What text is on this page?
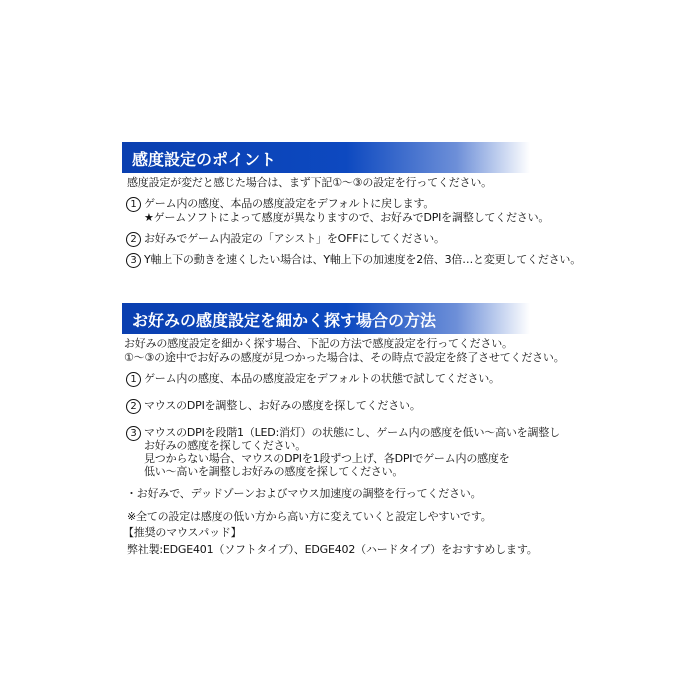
感度設定のポイント
感度設定が変だと感じた場合は、まず下記①～③の設定を行ってください。
1 ゲーム内の感度、本品の感度設定をデフォルトに戻します。
★ゲームソフトによって感度が異なりますので、お好みでDPIを調整してください。
2 お好みでゲーム内設定の「アシスト」をOFFにしてください。
3 Y軸上下の動きを速くしたい場合は、Y軸上下の加速度を2倍、3倍…と変更してください。
お好みの感度設定を細かく探す場合の方法
お好みの感度設定を細かく探す場合、下記の方法で感度設定を行ってください。
①～③の途中でお好みの感度が見つかった場合は、その時点で設定を終了させてください。
1 ゲーム内の感度、本品の感度設定をデフォルトの状態で試してください。
2 マウスのDPIを調整し、お好みの感度を探してください。
3 マウスのDPIを段階1（LED:消灯）の状態にし、ゲーム内の感度を低い～高いを調整し
お好みの感度を探してください。
見つからない場合、マウスのDPIを1段ずつ上げ、各DPIでゲーム内の感度を
低い～高いを調整しお好みの感度を探してください。
・お好みで、デッドゾーンおよびマウス加速度の調整を行ってください。
※全ての設定は感度の低い方から高い方に変えていくと設定しやすいです。
【推奨のマウスパッド】
弊社製:EDGE401（ソフトタイプ）、EDGE402（ハードタイプ）をおすすめします。
